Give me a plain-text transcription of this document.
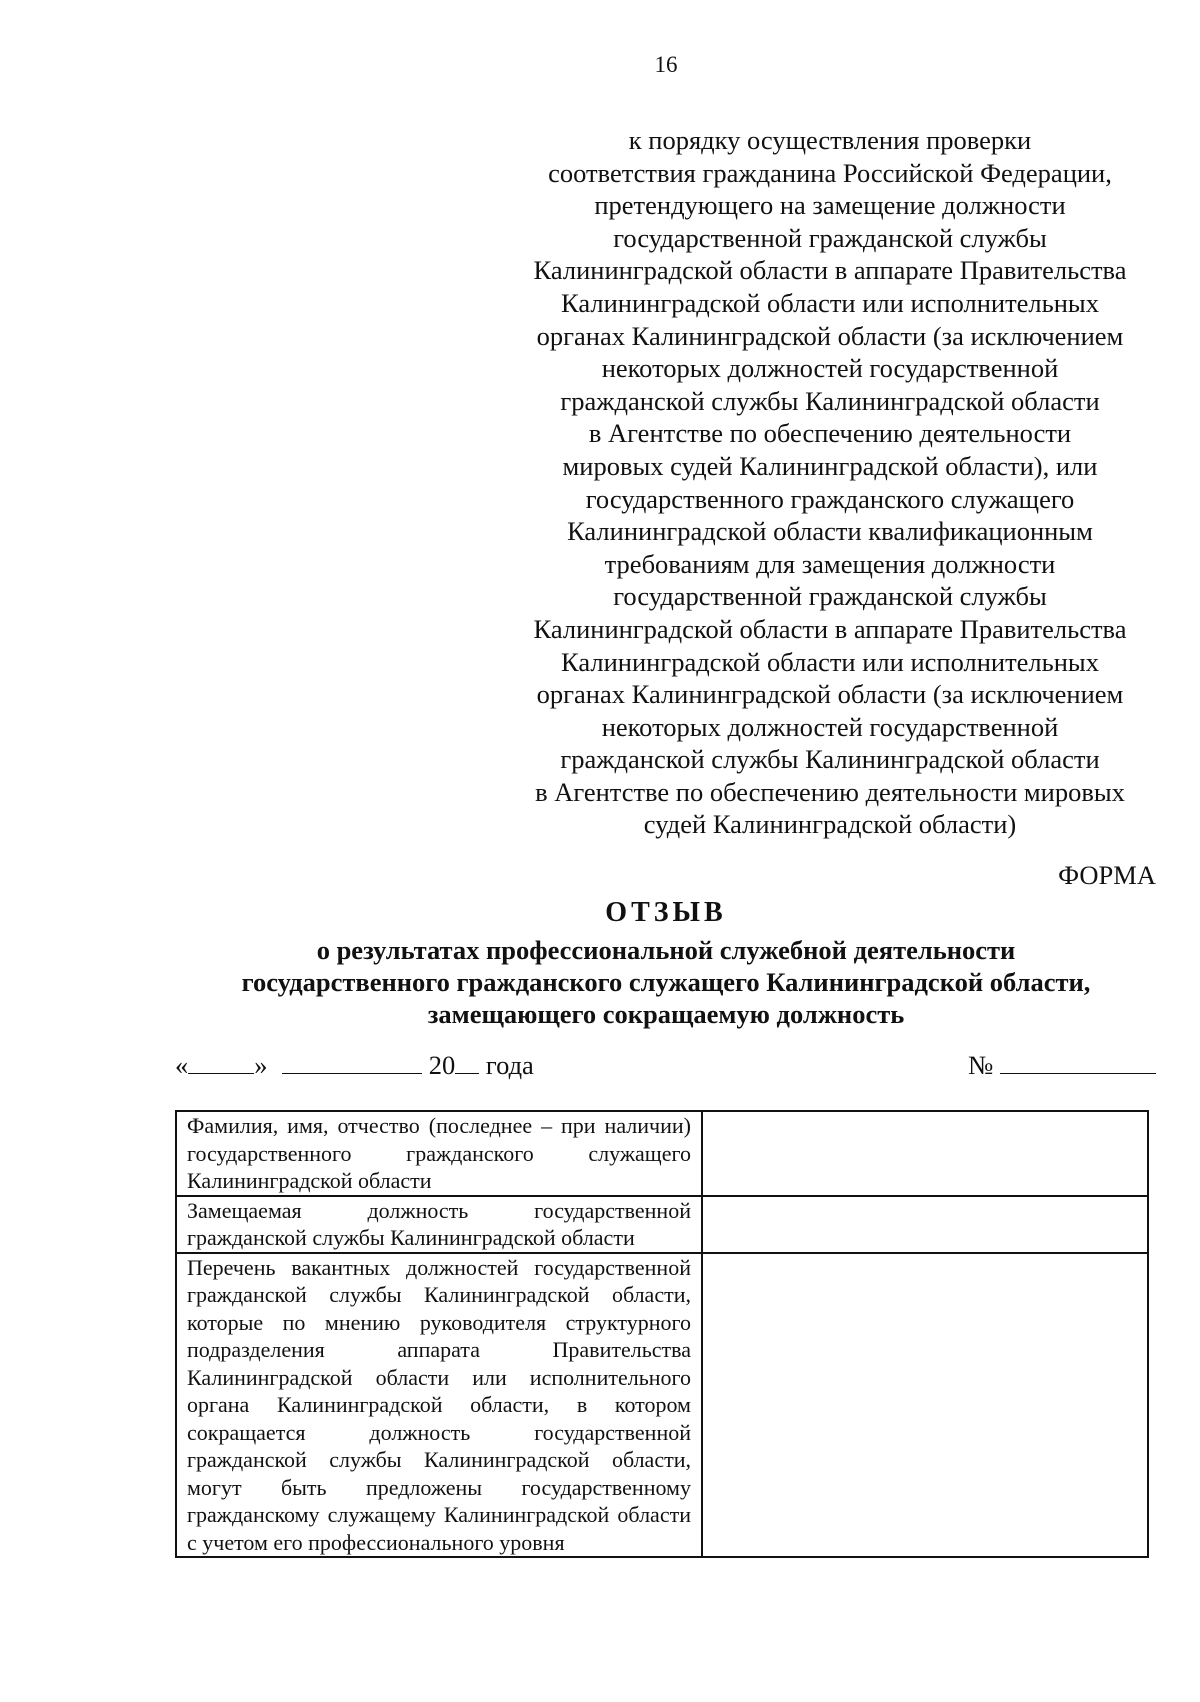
16
к порядку осуществления проверки
соответствия гражданина Российской Федерации,
претендующего на замещение должности
государственной гражданской службы
Калининградской области в аппарате Правительства
Калининградской области или исполнительных
органах Калининградской области (за исключением
некоторых должностей государственной
гражданской службы Калининградской области
в Агентстве по обеспечению деятельности
мировых судей Калининградской области), или
государственного гражданского служащего
Калининградской области квалификационным
требованиям для замещения должности
государственной гражданской службы
Калининградской области в аппарате Правительства
Калининградской области или исполнительных
органах Калининградской области (за исключением
некоторых должностей государственной
гражданской службы Калининградской области
в Агентстве по обеспечению деятельности мировых
судей Калининградской области)
ФОРМА
ОТЗЫВ
о результатах профессиональной служебной деятельности
государственного гражданского служащего Калининградской области,
замещающего сокращаемую должность
« »	20 года	№
Фамилия, имя, отчество (последнее – при наличии) государственного гражданского служащего Калининградской области	
Замещаемая должность государственной гражданской службы Калининградской области	
Перечень вакантных должностей государственной гражданской службы Калининградской области, которые по мнению руководителя структурного подразделения аппарата Правительства Калининградской области или исполнительного органа Калининградской области, в котором сокращается должность государственной гражданской службы Калининградской области, могут быть предложены государственному гражданскому служащему Калининградской области с учетом его профессионального уровня	
